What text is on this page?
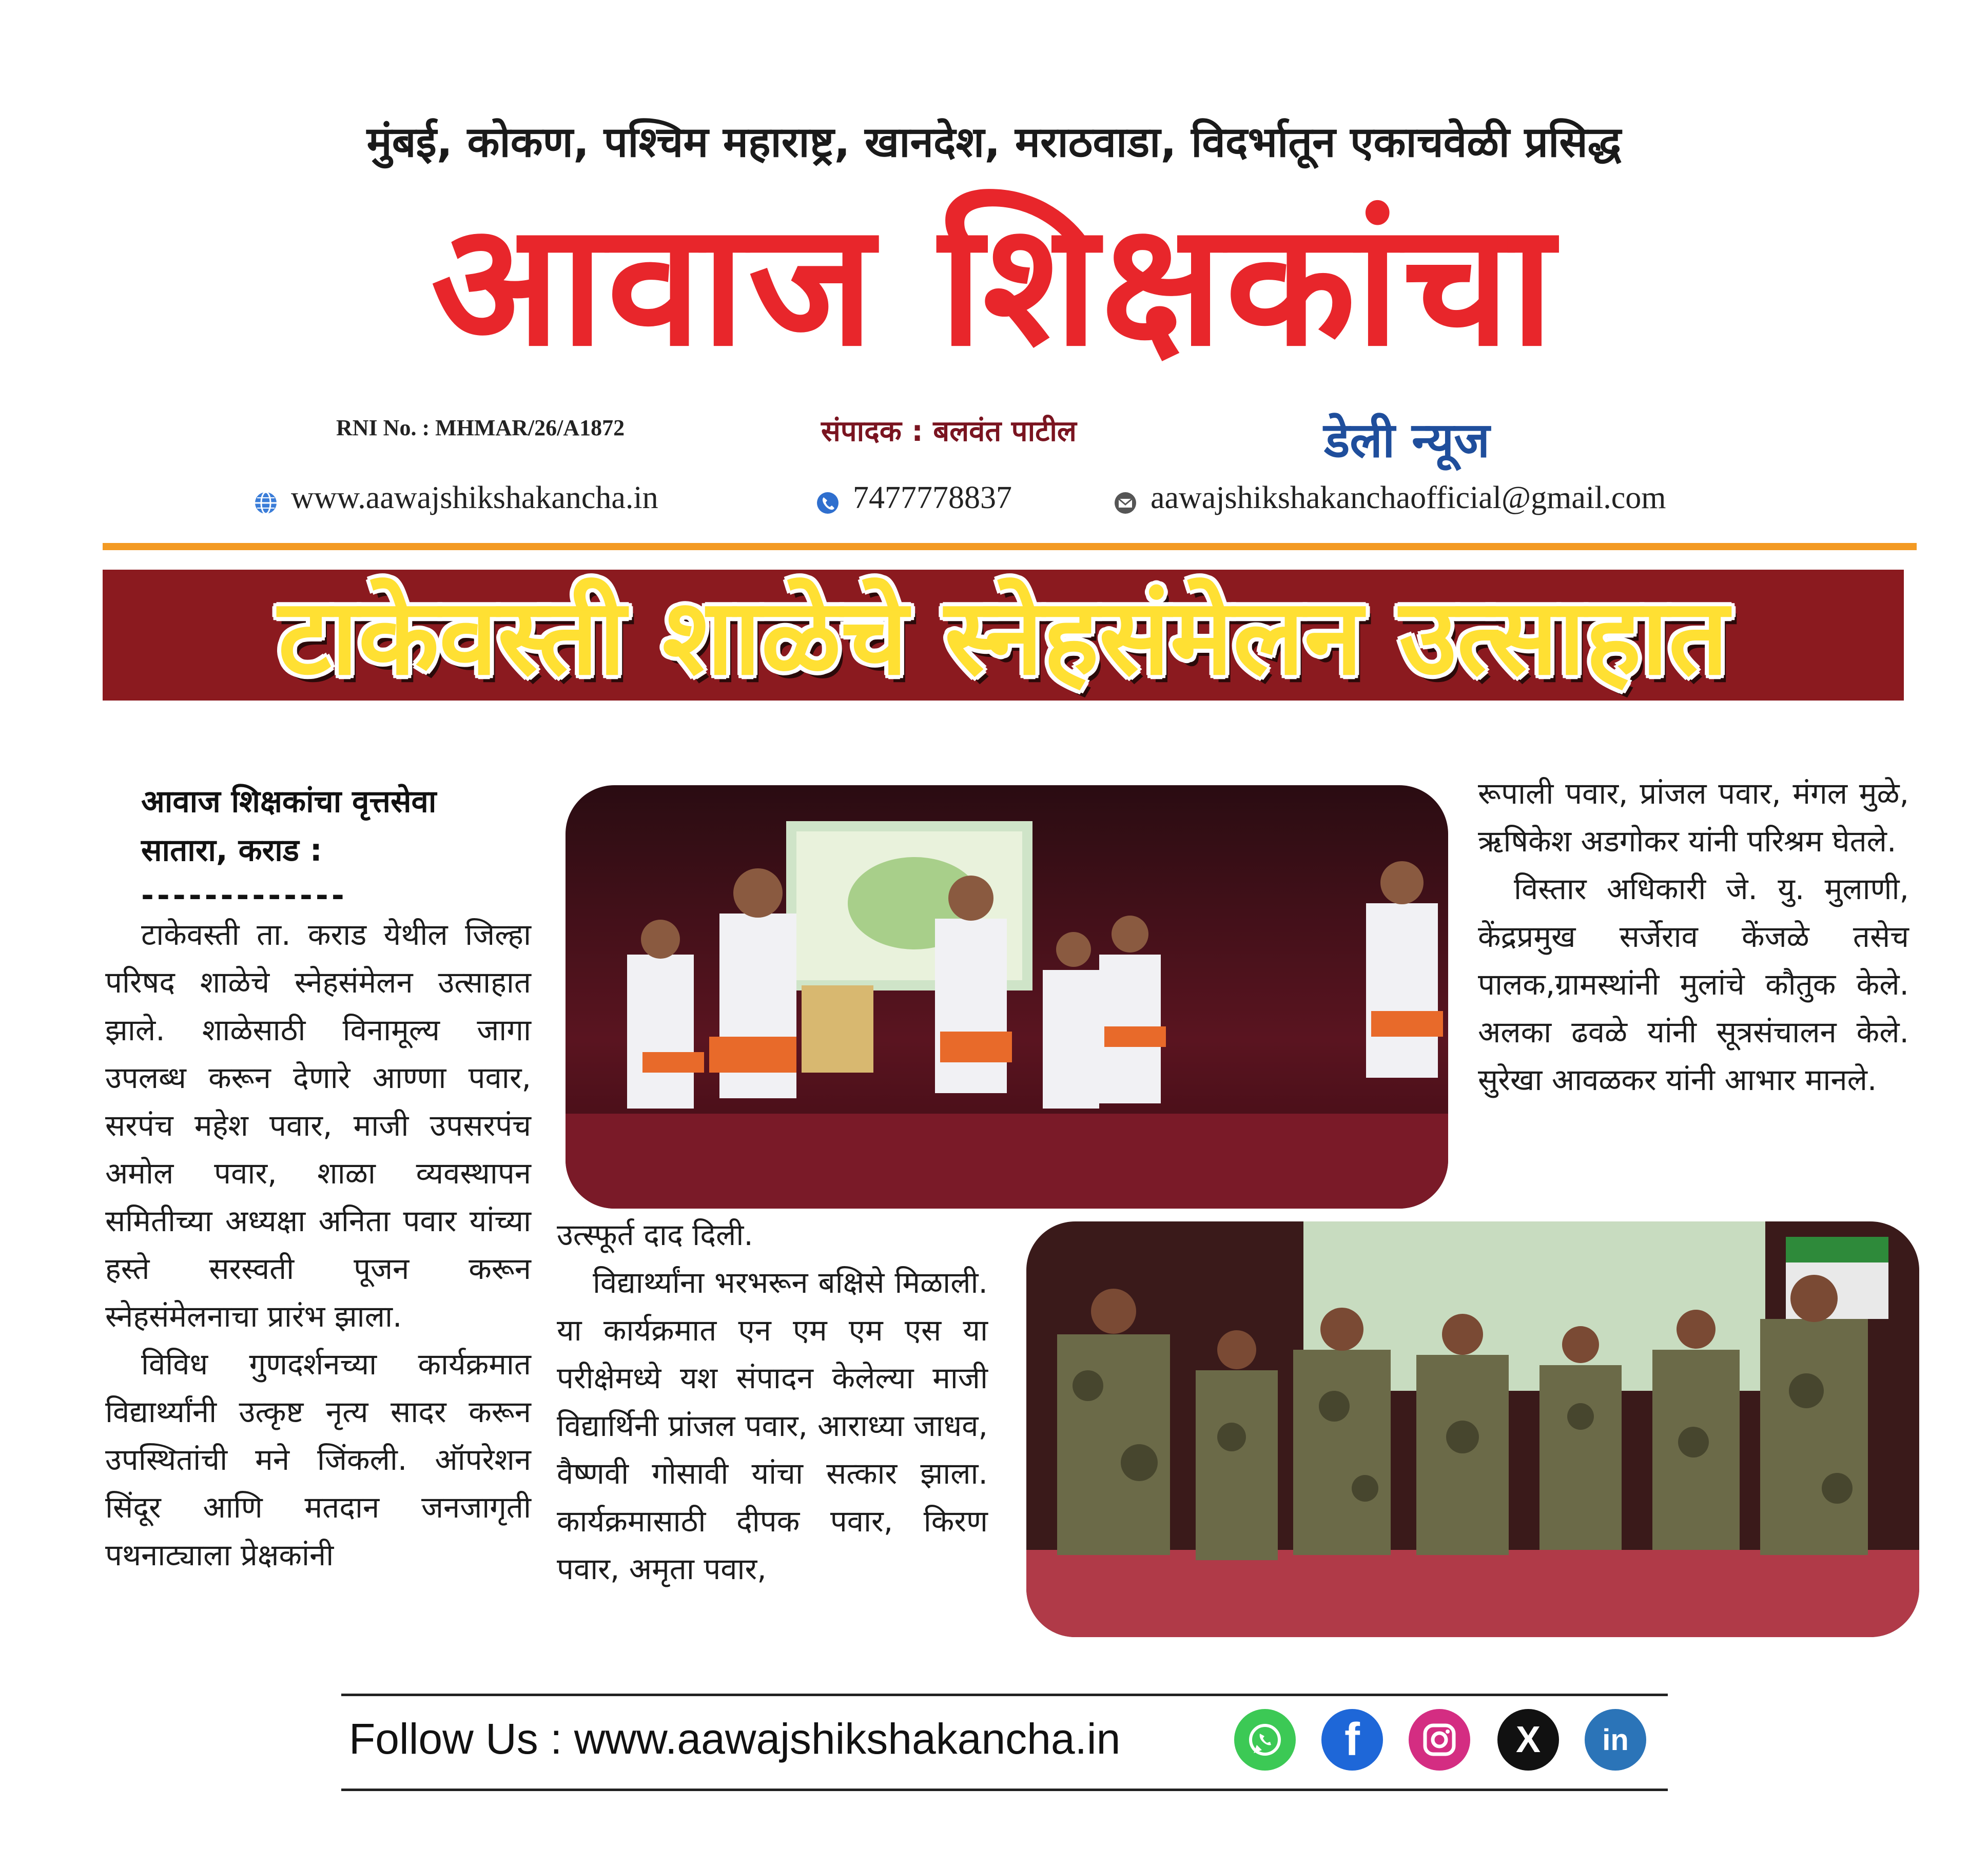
मुंबई, कोकण, पश्चिम महाराष्ट्र, खानदेश, मराठवाडा, विदर्भातून एकाचवेळी प्रसिद्ध
आवाज शिक्षकांचा
RNI No. : MHMAR/26/A1872	संपादक : बलवंत पाटील	डेली न्यूज
www.aawajshikshakancha.in	7477778837	aawajshikshakanchaofficial@gmail.com
टाकेवस्ती शाळेचे स्नेहसंमेलन उत्साहात
आवाज शिक्षकांचा वृत्तसेवा
सातारा, कराड :
-------------

टाकेवस्ती ता. कराड येथील जिल्हा परिषद शाळेचे स्नेहसंमेलन उत्साहात झाले. शाळेसाठी विनामूल्य जागा उपलब्ध करून देणारे आण्णा पवार, सरपंच महेश पवार, माजी उपसरपंच अमोल पवार, शाळा व्यवस्थापन समितीच्या अध्यक्षा अनिता पवार यांच्या हस्ते सरस्वती पूजन करून स्नेहसंमेलनाचा प्रारंभ झाला.

विविध गुणदर्शनच्या कार्यक्रमात विद्यार्थ्यांनी उत्कृष्ट नृत्य सादर करून उपस्थितांची मने जिंकली. ऑपरेशन सिंदूर आणि मतदान जनजागृती पथनाट्याला प्रेक्षकांनी

उत्स्फूर्त दाद दिली.

विद्यार्थ्यांना भरभरून बक्षिसे मिळाली. या कार्यक्रमात एन एम एम एस या परीक्षेमध्ये यश संपादन केलेल्या माजी विद्यार्थिनी प्रांजल पवार, आराध्या जाधव, वैष्णवी गोसावी यांचा सत्कार झाला. कार्यक्रमासाठी दीपक पवार, किरण पवार, अमृता पवार,

रूपाली पवार, प्रांजल पवार, मंगल मुळे, ऋषिकेश अडगोकर यांनी परिश्रम घेतले.

विस्तार अधिकारी जे. यु. मुलाणी, केंद्रप्रमुख सर्जेराव केंजळे तसेच पालक,ग्रामस्थांनी मुलांचे कौतुक केले. अलका ढवळे यांनी सूत्रसंचालन केले. सुरेखा आवळकर यांनी आभार मानले.

Follow Us : www.aawajshikshakancha.in	f	X in
